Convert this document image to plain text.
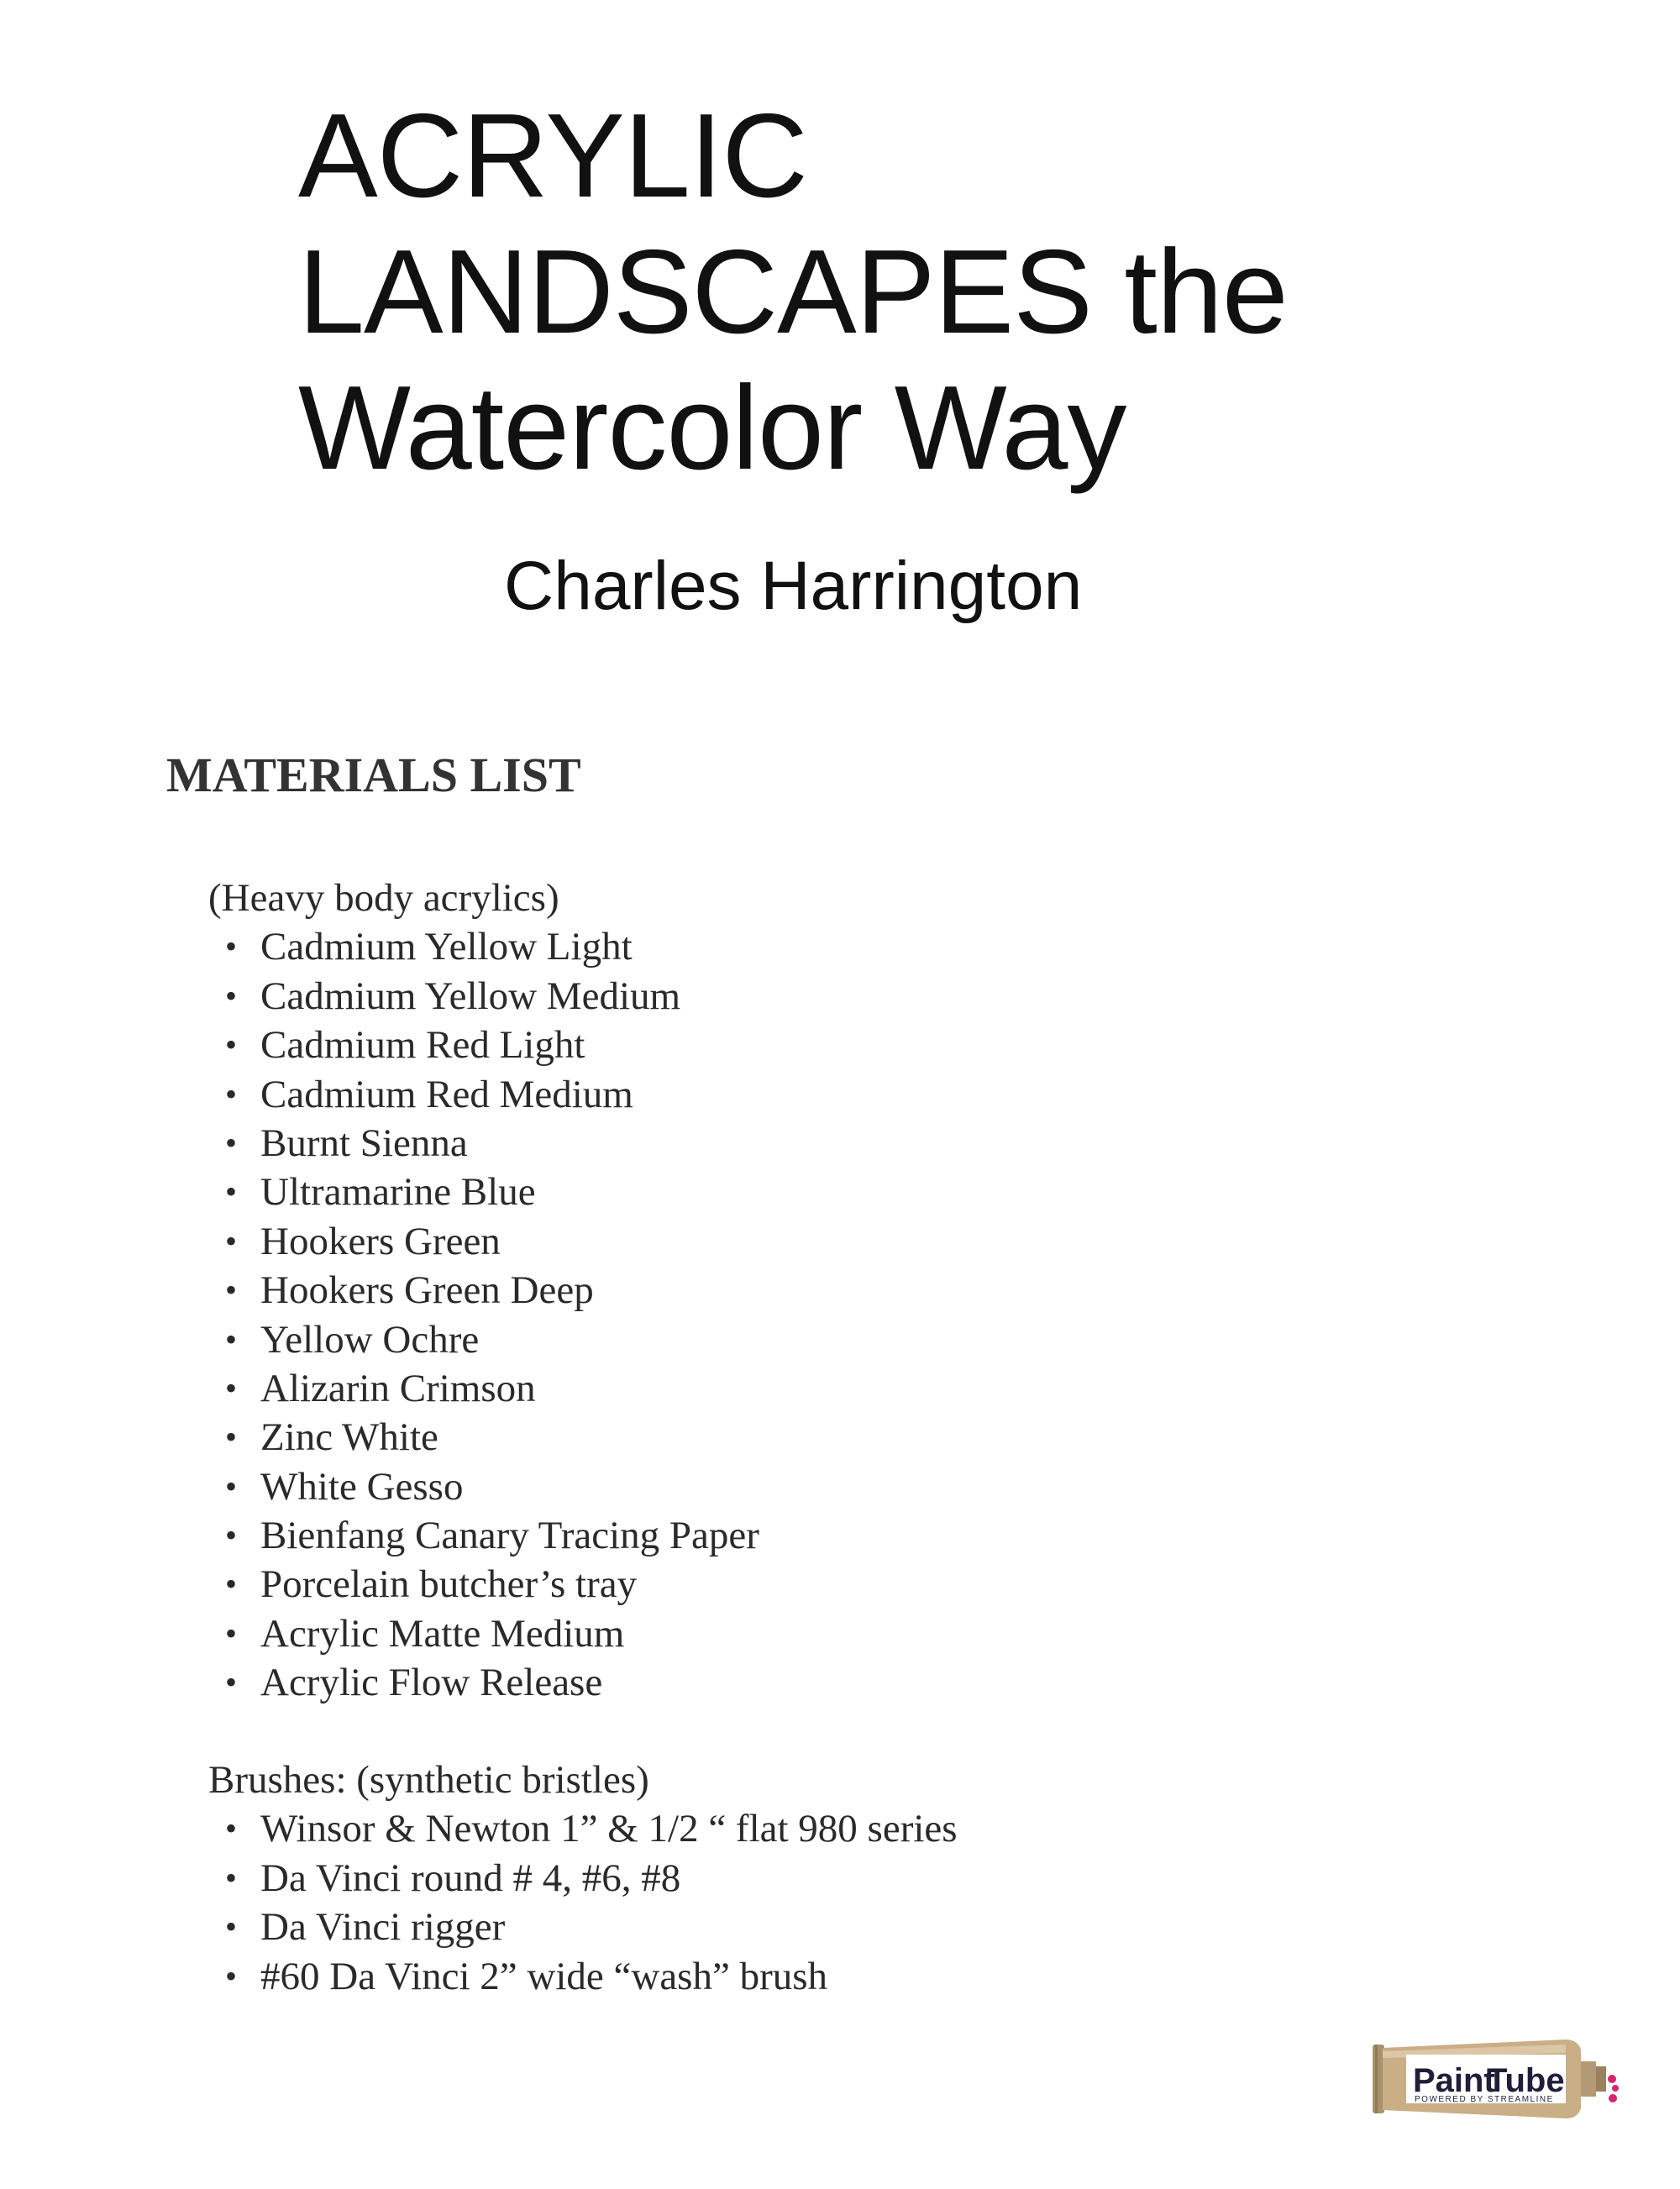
ACRYLIC
LANDSCAPES the
Watercolor Way
Charles Harrington
MATERIALS LIST
(Heavy body acrylics)
• Cadmium Yellow Light
• Cadmium Yellow Medium
• Cadmium Red Light
• Cadmium Red Medium
• Burnt Sienna
• Ultramarine Blue
• Hookers Green
• Hookers Green Deep
• Yellow Ochre
• Alizarin Crimson
• Zinc White
• White Gesso
• Bienfang Canary Tracing Paper
• Porcelain butcher’s tray
• Acrylic Matte Medium
• Acrylic Flow Release
Brushes: (synthetic bristles)
• Winsor & Newton 1” & 1/2 “ flat 980 series
• Da Vinci round # 4, #6, #8
• Da Vinci rigger
• #60 Da Vinci 2” wide “wash” brush
Paint
Tube
POWERED BY STREAMLINE
